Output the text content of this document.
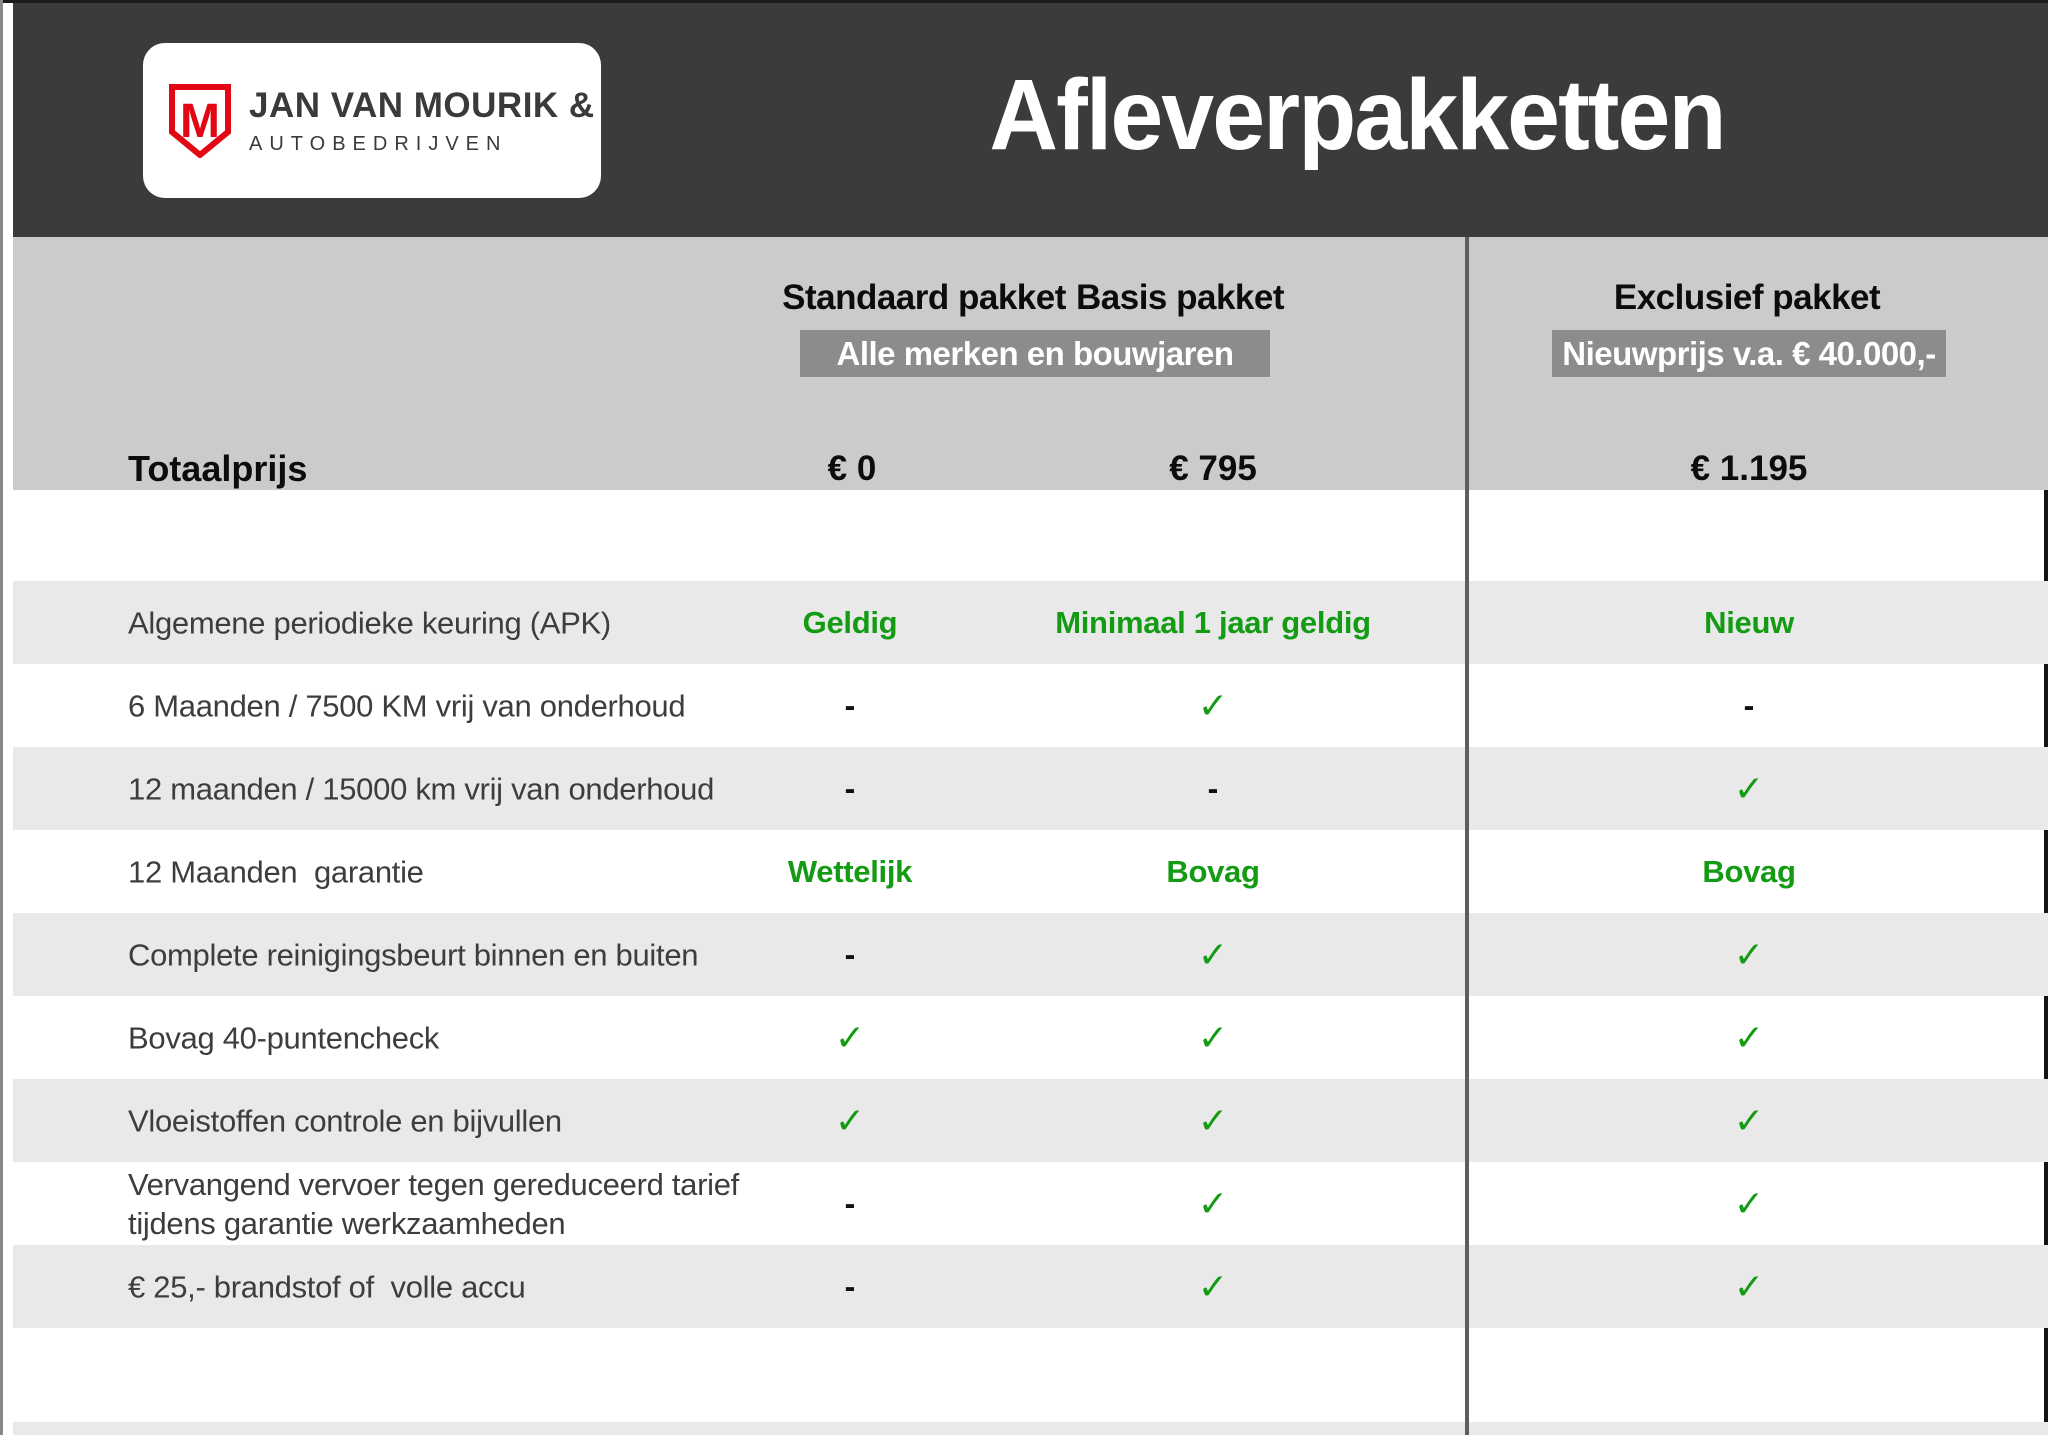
M JAN VAN MOURIK & ZN
AUTOBEDRIJVEN	Afleverpakketten
Standaard pakket Basis pakket	Exclusief pakket
Alle merken en bouwjaren	Nieuwprijs v.a. € 40.000,-
Totaalprijs	€ 0	€ 795	€ 1.195
Algemene periodieke keuring (APK)	Geldig	Minimaal 1 jaar geldig	Nieuw
6 Maanden / 7500 KM vrij van onderhoud	-	✓	-
12 maanden / 15000 km vrij van onderhoud	-	-	✓
12 Maanden  garantie	Wettelijk	Bovag	Bovag
Complete reinigingsbeurt binnen en buiten	-	✓	✓
Bovag 40-puntencheck	✓	✓	✓
Vloeistoffen controle en bijvullen	✓	✓	✓
Vervangend vervoer tegen gereduceerd tarief
tijdens garantie werkzaamheden
-	✓	✓
€ 25,- brandstof of  volle accu	-	✓	✓
